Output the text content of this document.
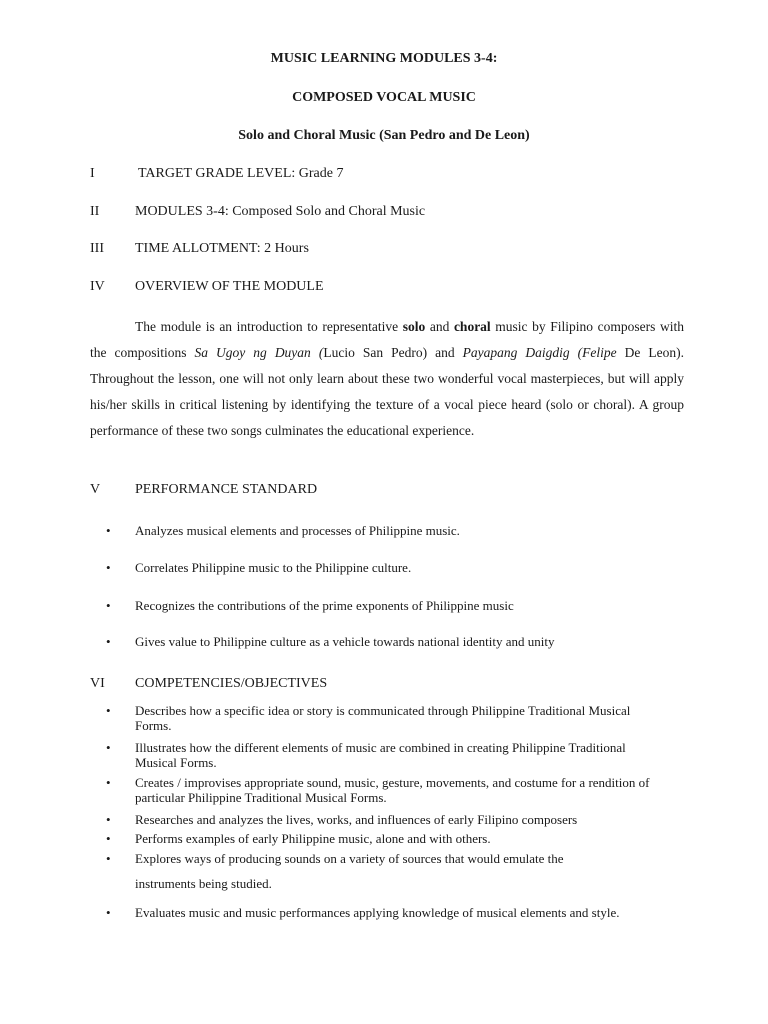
MUSIC LEARNING MODULES 3-4:
COMPOSED VOCAL MUSIC
Solo and Choral Music (San Pedro and De Leon)
I	TARGET GRADE LEVEL: Grade 7
II	MODULES 3-4: Composed Solo and Choral Music
III TIME ALLOTMENT: 2 Hours
IV OVERVIEW OF THE MODULE

The module is an introduction to representative solo and choral music by Filipino composers with the compositions Sa Ugoy ng Duyan (Lucio San Pedro) and Payapang Daigdig (Felipe De Leon). Throughout the lesson, one will not only learn about these two wonderful vocal masterpieces, but will apply his/her skills in critical listening by identifying the texture of a vocal piece heard (solo or choral). A group performance of these two songs culminates the educational experience.

V PERFORMANCE STANDARD
• Analyzes musical elements and processes of Philippine music.
• Correlates Philippine music to the Philippine culture.
• Recognizes the contributions of the prime exponents of Philippine music
• Gives value to Philippine culture as a vehicle towards national identity and unity
VI COMPETENCIES/OBJECTIVES
• Describes how a specific idea or story is communicated through Philippine Traditional Musical Forms.
• Illustrates how the different elements of music are combined in creating Philippine Traditional Musical Forms.
• Creates / improvises appropriate sound, music, gesture, movements, and costume for a rendition of particular Philippine Traditional Musical Forms.
• Researches and analyzes the lives, works, and influences of early Filipino composers
• Performs examples of early Philippine music, alone and with others.
• Explores ways of producing sounds on a variety of sources that would emulate the
instruments being studied.
• Evaluates music and music performances applying knowledge of musical elements and style.
